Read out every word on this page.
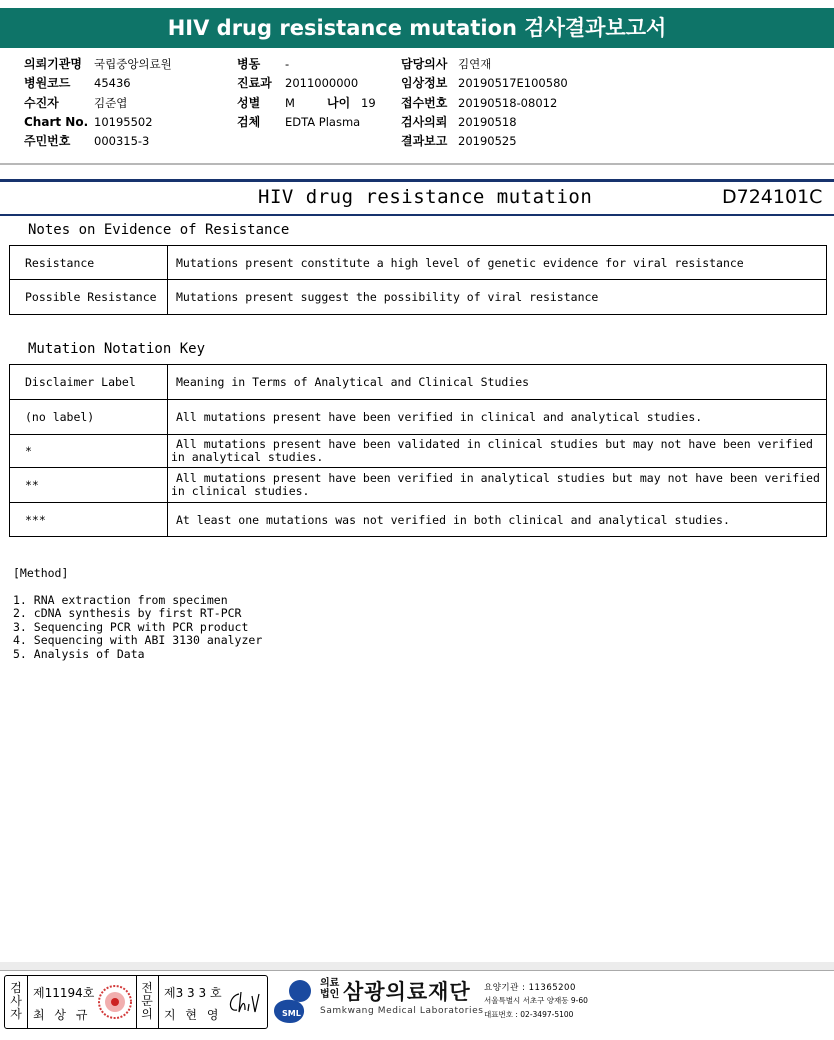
HIV drug resistance mutation 검사결과보고서
의뢰기관명 국립중앙의료원
병원코드 45436
수진자	김준엽
Chart No. 10195502
주민번호 000315-3
병동 -
진료과 2011000000
성별 M	나이 19
검체 EDTA Plasma
담당의사 김연재
임상정보 20190517E100580
접수번호 20190518-08012
검사의뢰 20190518
결과보고 20190525
HIV drug resistance mutation	D724101C
Notes on Evidence of Resistance
Resistance	Mutations present constitute a high level of genetic evidence for viral resistance
Possible Resistance	Mutations present suggest the possibility of viral resistance
Mutation Notation Key
Disclaimer Label	Meaning in Terms of Analytical and Clinical Studies
(no label)	All mutations present have been verified in clinical and analytical studies.
*	All mutations present have been validated in clinical studies but may not have been verified
in analytical studies.
**	All mutations present have been verified in analytical studies but may not have been verified
in clinical studies.
***	At least one mutations was not verified in both clinical and analytical studies.
[Method]
1. RNA extraction from specimen
2. cDNA synthesis by first RT-PCR
3. Sequencing PCR with PCR product
4. Sequencing with ABI 3130 analyzer
5. Analysis of Data
검
사
자
제11194호
최 상 규
전
문
의
제3 3 3 호
지 현 영	SML
의료법인 삼광의료재단
Samkwang Medical Laboratories
요양기관 : 11365200
서울특별시 서초구 양재동 9-60
대표번호 : 02-3497-5100
